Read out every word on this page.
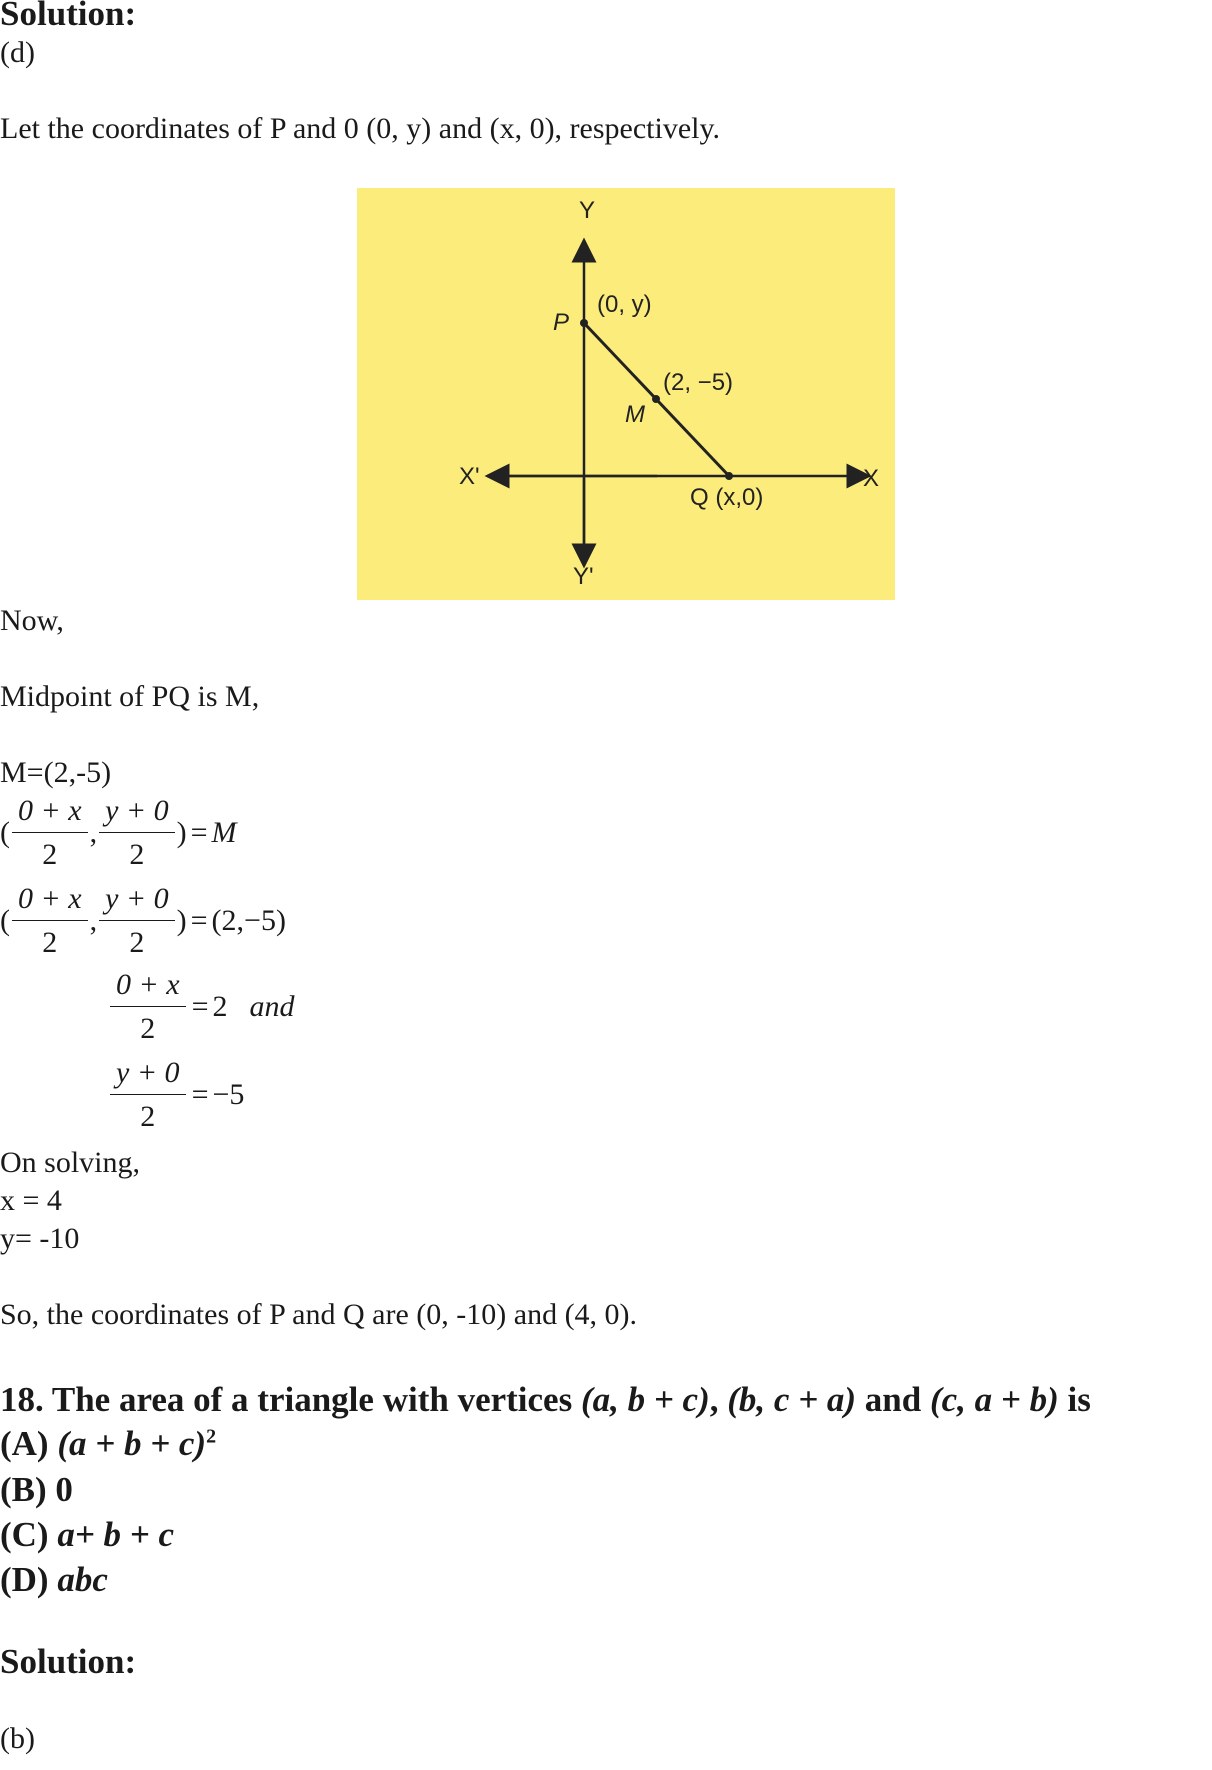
Solution:
(d)
Let the coordinates of P and 0 (0, y) and (x, 0), respectively.
Y
Y'
X
X'
P
(0, y)
M
(2, −5)
Q (x,0)
Now,
Midpoint of PQ is M,
M=(2,-5)
( $\frac{0 + x}{2}$ , $\frac{y + 0}{2}$ ) = M
( $\frac{0 + x}{2}$ , $\frac{y + 0}{2}$ ) = (2,−5)
$\frac{0 + x}{2} = 2$ and
$\frac{y + 0}{2} = -5$
On solving,
x = 4
y= -10
So, the coordinates of P and Q are (0, -10) and (4, 0).
18. The area of a triangle with vertices (a, b + c), (b, c + a) and (c, a + b) is
(A) $(a + b + c)^2$
(B) 0
(C) a+ b + c
(D) abc
Solution:
(b)
